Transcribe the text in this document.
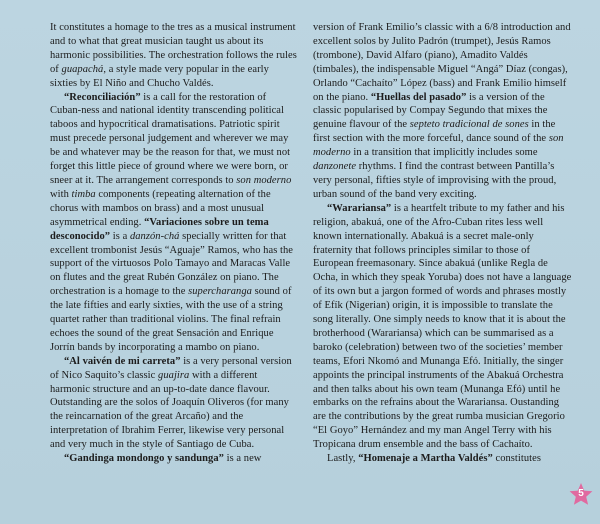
It constitutes a homage to the tres as a musical instrument and to what that great musician taught us about its harmonic possibilities. The orchestration follows the rules of guapachá, a style made very popular in the early sixties by El Niño and Chucho Valdés.

“Reconciliación” is a call for the restoration of Cuban-ness and national identity transcending political taboos and hypocritical dramatisations. Patriotic spirit must precede personal judgement and wherever we may be and whatever may be the reason for that, we must not forget this little piece of ground where we were born, or sneer at it. The arrangement corresponds to son moderno with timba components (repeating alternation of the chorus with mambos on brass) and a most unusual asymmetrical ending. “Variaciones sobre un tema desconocido” is a danzón-chá specially written for that excellent trombonist Jesús “Aguaje” Ramos, who has the support of the virtuosos Polo Tamayo and Maracas Valle on flutes and the great Rubén González on piano. The orchestration is a homage to the supercharanga sound of the late fifties and early sixties, with the use of a string quartet rather than traditional violins. The final refrain echoes the sound of the great Sensación and Enrique Jorrín bands by incorporating a mambo on piano.

“Al vaivén de mi carreta” is a very personal version of Nico Saquito’s classic guajira with a different harmonic structure and an up-to-date dance flavour. Outstanding are the solos of Joaquín Oliveros (for many the reincarnation of the great Arcaño) and the interpretation of Ibrahim Ferrer, likewise very personal and very much in the style of Santiago de Cuba.

“Gandinga mondongo y sandunga” is a new

version of Frank Emilio’s classic with a 6/8 introduction and excellent solos by Julito Padrón (trumpet), Jesús Ramos (trombone), David Alfaro (piano), Amadito Valdés (timbales), the indispensable Miguel “Angá” Díaz (congas), Orlando “Cachaíto” López (bass) and Frank Emilio himself on the piano. “Huellas del pasado” is a version of the classic popularised by Compay Segundo that mixes the genuine flavour of the septeto tradicional de sones in the first section with the more forceful, dance sound of the son moderno in a transition that implicitly includes some danzonete rhythms. I find the contrast between Pantilla’s very personal, fifties style of improvising with the proud, urban sound of the band very exciting.

“Warariansa” is a heartfelt tribute to my father and his religion, abakuá, one of the Afro-Cuban rites less well known internationally. Abakuá is a secret male-only fraternity that follows principles similar to those of European freemasonary. Since abakuá (unlike Regla de Ocha, in which they speak Yoruba) does not have a language of its own but a jargon formed of words and phrases mostly of Efík (Nigerian) origin, it is impossible to translate the song literally. One simply needs to know that it is about the brotherhood (Warariansa) which can be summarised as a baroko (celebration) between two of the societies’ member teams, Efori Nkomó and Munanga Efó. Initially, the singer appoints the principal instruments of the Abakuá Orchestra and then talks about his own team (Munanga Efó) until he embarks on the refrains about the Warariansa. Oustanding are the contributions by the great rumba musician Gregorio “El Goyo” Hernández and my man Angel Terry with his Tropicana drum ensemble and the bass of Cachaíto.

Lastly, “Homenaje a Martha Valdés” constitutes

5
